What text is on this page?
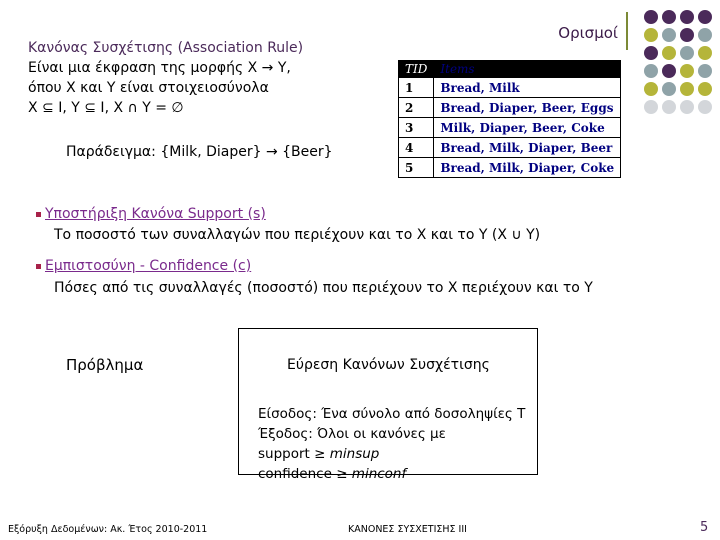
Ορισμοί
Κανόνας Συσχέτισης (Association Rule)
Είναι μια έκφραση της μορφής X → Y,
όπου X και Y είναι στοιχειοσύνολα
X ⊆ I, Y ⊆ I, X ∩ Y = ∅
TID	Items
1	Bread, Milk
2	Bread, Diaper, Beer, Eggs
3	Milk, Diaper, Beer, Coke
4	Bread, Milk, Diaper, Beer
5	Bread, Milk, Diaper, Coke
Παράδειγμα: {Milk, Diaper} → {Beer}
Υποστήριξη Κανόνα Support (s)
Το ποσοστό των συναλλαγών που περιέχουν και το X και το Y (X ∪ Y)
Εμπιστοσύνη - Confidence (c)
Πόσες από τις συναλλαγές (ποσοστό) που περιέχουν το X περιέχουν και το Y
Πρόβλημα	Εύρεση Κανόνων Συσχέτισης
Είσοδος: Ένα σύνολο από δοσοληψίες T
Έξοδος: Όλοι οι κανόνες με
support ≥ minsup
confidence ≥ minconf
Εξόρυξη Δεδομένων: Ακ. Έτος 2010-2011	ΚΑΝΟΝΕΣ ΣΥΣΧΕΤΙΣΗΣ ΙΙΙ	5
